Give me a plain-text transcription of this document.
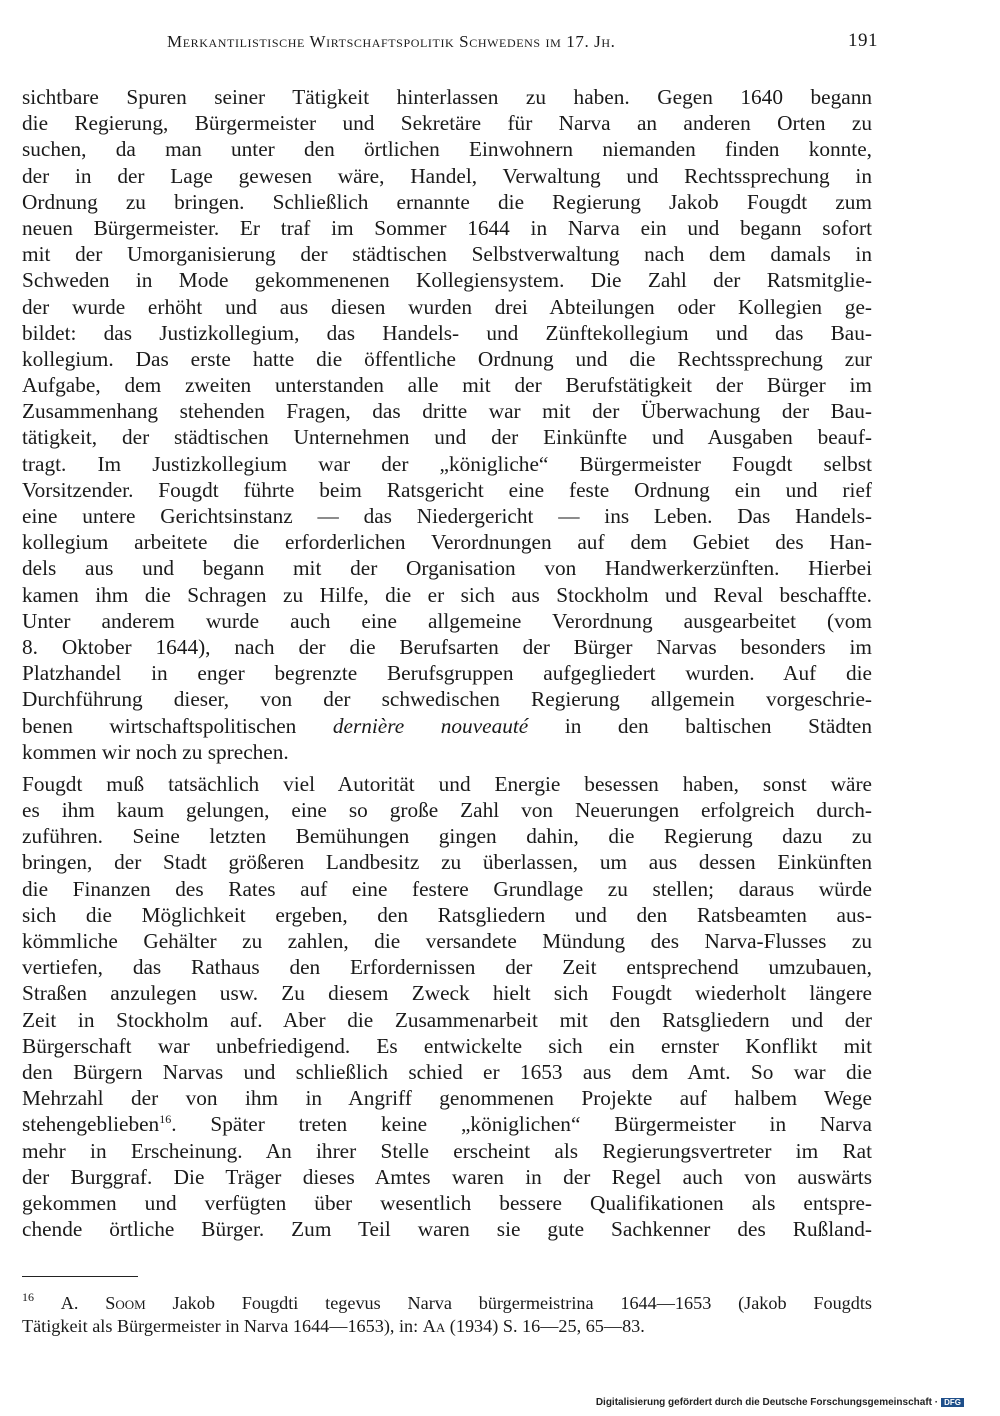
Merkantilistische Wirtschaftspolitik Schwedens im 17. Jh.	191
sichtbare Spuren seiner Tätigkeit hinterlassen zu haben. Gegen 1640 begann
die Regierung, Bürgermeister und Sekretäre für Narva an anderen Orten zu
suchen, da man unter den örtlichen Einwohnern niemanden finden konnte,
der in der Lage gewesen wäre, Handel, Verwaltung und Rechtssprechung in
Ordnung zu bringen. Schließlich ernannte die Regierung Jakob Fougdt zum
neuen Bürgermeister. Er traf im Sommer 1644 in Narva ein und begann sofort
mit der Umorganisierung der städtischen Selbstverwaltung nach dem damals in
Schweden in Mode gekommenenen Kollegiensystem. Die Zahl der Ratsmitglie-
der wurde erhöht und aus diesen wurden drei Abteilungen oder Kollegien ge-
bildet: das Justizkollegium, das Handels- und Zünftekollegium und das Bau-
kollegium. Das erste hatte die öffentliche Ordnung und die Rechtssprechung zur
Aufgabe, dem zweiten unterstanden alle mit der Berufstätigkeit der Bürger im
Zusammenhang stehenden Fragen, das dritte war mit der Überwachung der Bau-
tätigkeit, der städtischen Unternehmen und der Einkünfte und Ausgaben beauf-
tragt. Im Justizkollegium war der „königliche“ Bürgermeister Fougdt selbst
Vorsitzender. Fougdt führte beim Ratsgericht eine feste Ordnung ein und rief
eine untere Gerichtsinstanz — das Niedergericht — ins Leben. Das Handels-
kollegium arbeitete die erforderlichen Verordnungen auf dem Gebiet des Han-
dels aus und begann mit der Organisation von Handwerkerzünften. Hierbei
kamen ihm die Schragen zu Hilfe, die er sich aus Stockholm und Reval beschaffte.
Unter anderem wurde auch eine allgemeine Verordnung ausgearbeitet (vom
8. Oktober 1644), nach der die Berufsarten der Bürger Narvas besonders im
Platzhandel in enger begrenzte Berufsgruppen aufgegliedert wurden. Auf die
Durchführung dieser, von der schwedischen Regierung allgemein vorgeschrie-
benen wirtschaftspolitischen dernière nouveauté in den baltischen Städten
kommen wir noch zu sprechen.
Fougdt muß tatsächlich viel Autorität und Energie besessen haben, sonst wäre
es ihm kaum gelungen, eine so große Zahl von Neuerungen erfolgreich durch-
zuführen. Seine letzten Bemühungen gingen dahin, die Regierung dazu zu
bringen, der Stadt größeren Landbesitz zu überlassen, um aus dessen Einkünften
die Finanzen des Rates auf eine festere Grundlage zu stellen; daraus würde
sich die Möglichkeit ergeben, den Ratsgliedern und den Ratsbeamten aus-
kömmliche Gehälter zu zahlen, die versandete Mündung des Narva-Flusses zu
vertiefen, das Rathaus den Erfordernissen der Zeit entsprechend umzubauen,
Straßen anzulegen usw. Zu diesem Zweck hielt sich Fougdt wiederholt längere
Zeit in Stockholm auf. Aber die Zusammenarbeit mit den Ratsgliedern und der
Bürgerschaft war unbefriedigend. Es entwickelte sich ein ernster Konflikt mit
den Bürgern Narvas und schließlich schied er 1653 aus dem Amt. So war die
Mehrzahl der von ihm in Angriff genommenen Projekte auf halbem Wege
stehengeblieben$^{16}$. Später treten keine „königlichen“ Bürgermeister in Narva
mehr in Erscheinung. An ihrer Stelle erscheint als Regierungsvertreter im Rat
der Burggraf. Die Träger dieses Amtes waren in der Regel auch von auswärts
gekommen und verfügten über wesentlich bessere Qualifikationen als entspre-
chende örtliche Bürger. Zum Teil waren sie gute Sachkenner des Rußland-
$^{16}$ A. Soom Jakob Fougdti tegevus Narva bürgermeistrina 1644—1653 (Jakob Fougdts
Tätigkeit als Bürgermeister in Narva 1644—1653), in: Aa (1934) S. 16—25, 65—83.
Digitalisierung gefördert durch die Deutsche Forschungsgemeinschaft · DFG
